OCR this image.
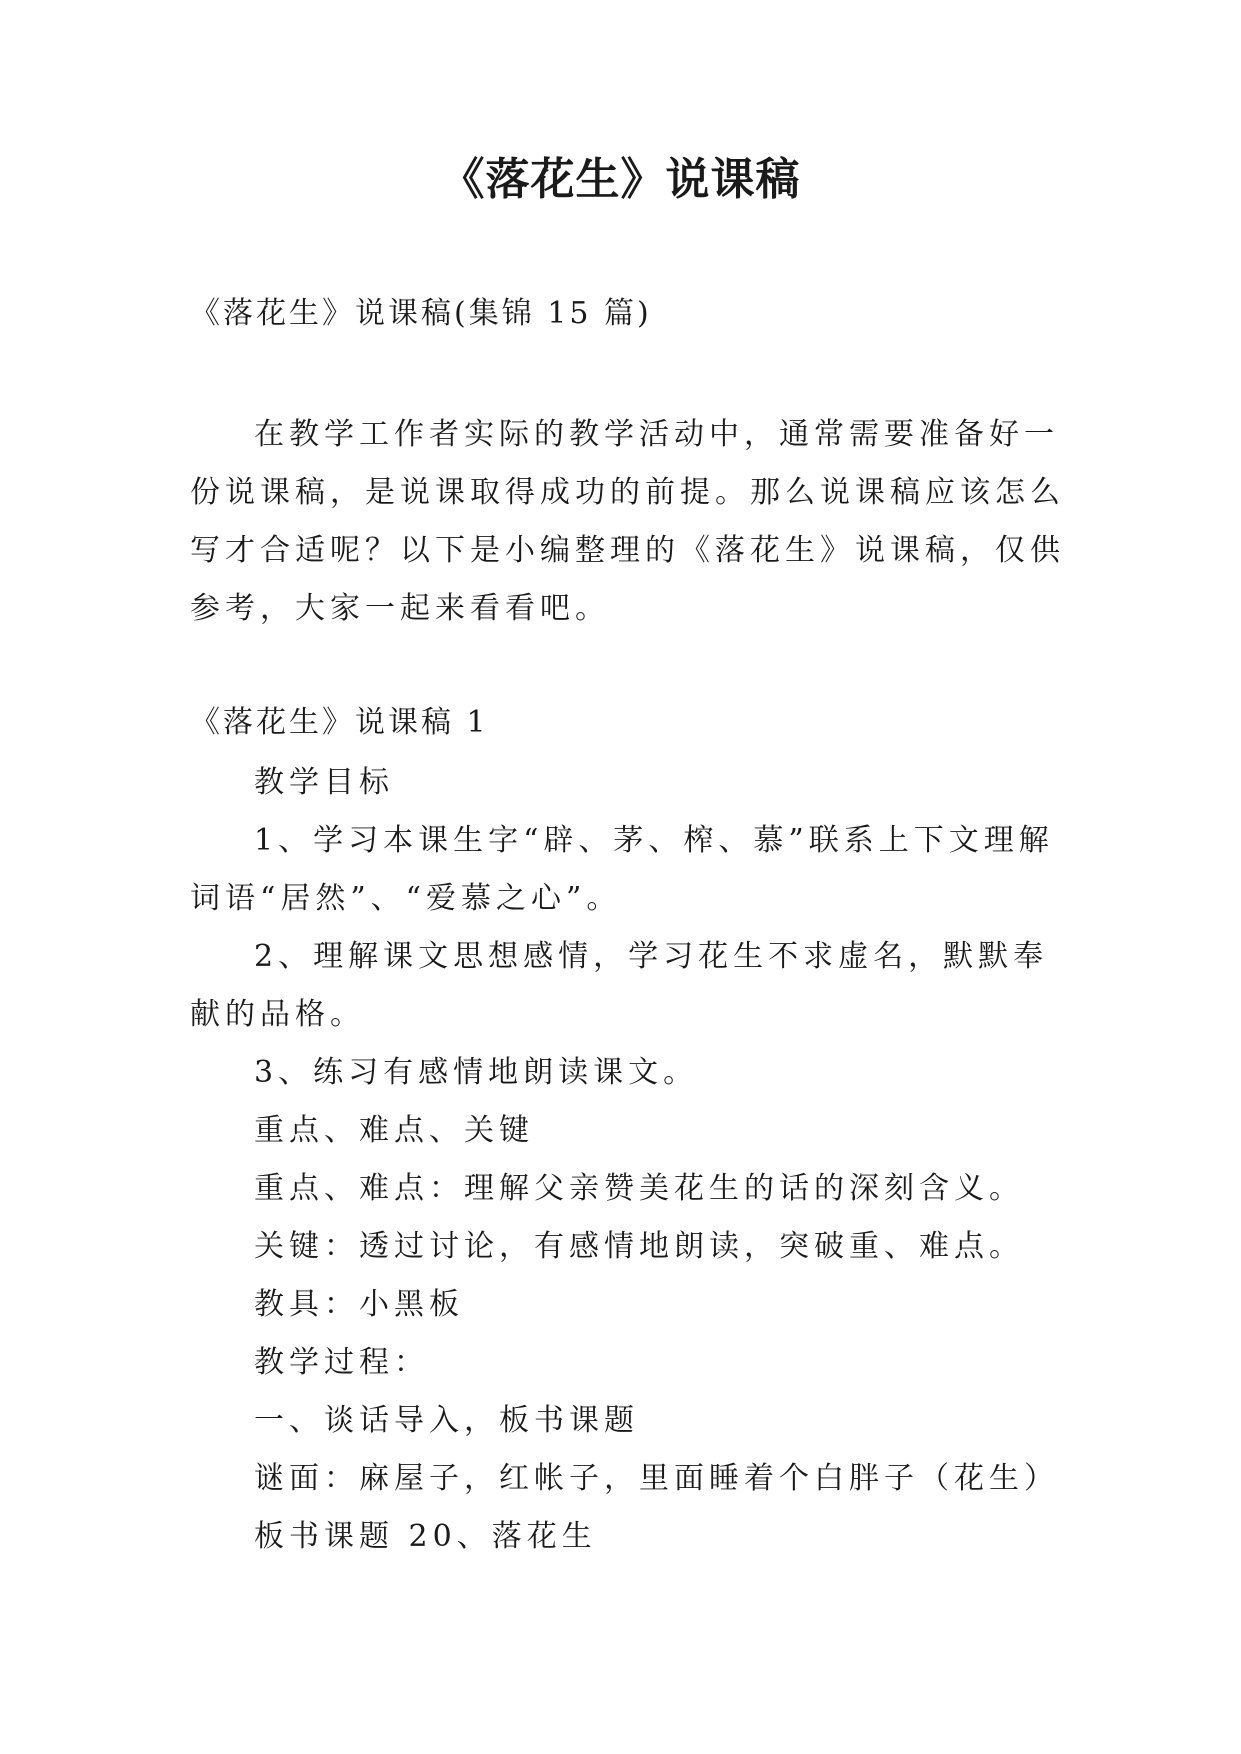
《落花生》说课稿
《落花生》说课稿(集锦 15 篇)

在教学工作者实际的教学活动中，通常需要准备好一份说课稿，是说课取得成功的前提。那么说课稿应该怎么写才合适呢？以下是小编整理的《落花生》说课稿，仅供参考，大家一起来看看吧。

《落花生》说课稿 1

教学目标

1、学习本课生字“辟、茅、榨、慕”联系上下文理解词语“居然”、“爱慕之心”。

2、理解课文思想感情，学习花生不求虚名，默默奉献的品格。

3、练习有感情地朗读课文。

重点、难点、关键

重点、难点：理解父亲赞美花生的话的深刻含义。

关键：透过讨论，有感情地朗读，突破重、难点。

教具：小黑板

教学过程：

一、谈话导入，板书课题

谜面：麻屋子，红帐子，里面睡着个白胖子（花生）

板书课题 20、落花生
